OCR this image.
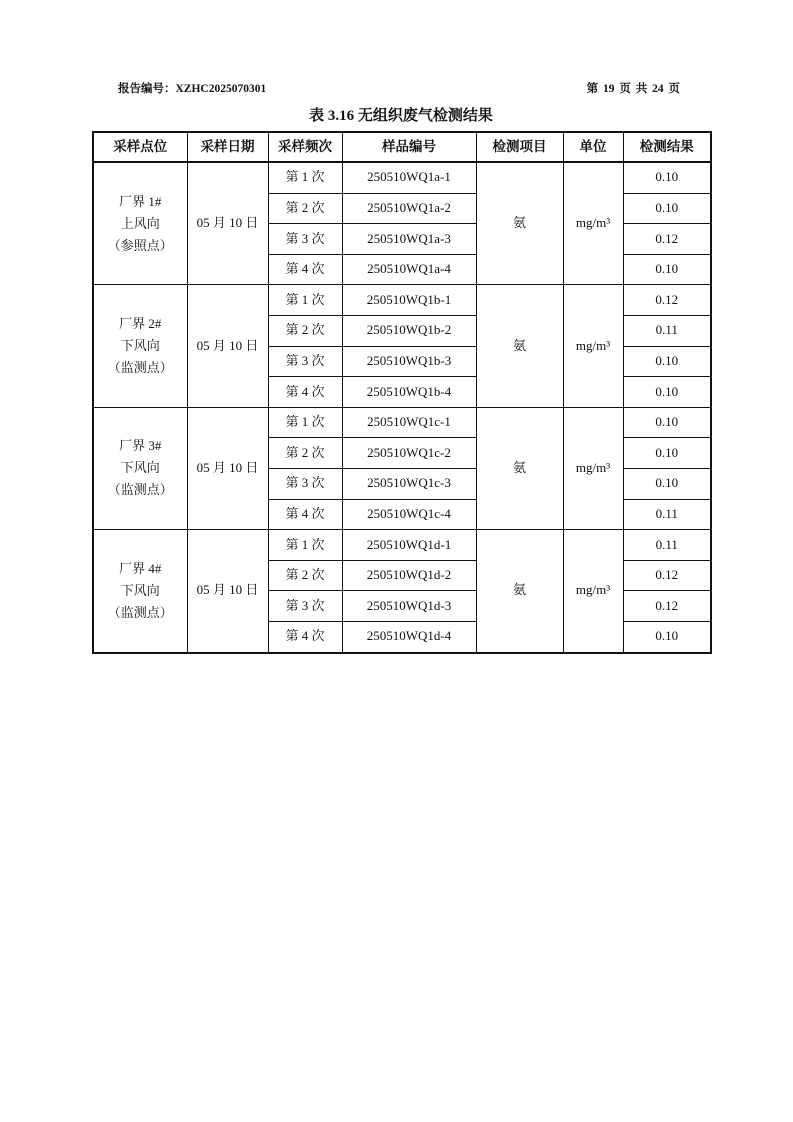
报告编号：XZHC2025070301	第 19 页 共 24 页
表 3.16 无组织废气检测结果
采样点位	采样日期	采样频次	样品编号	检测项目	单位	检测结果

厂界 1#
上风向
（参照点）	05 月 10 日	第 1 次	250510WQ1a-1	氨	mg/m³	0.10
		第 2 次	250510WQ1a-2			0.10
		第 3 次	250510WQ1a-3			0.12
		第 4 次	250510WQ1a-4			0.10

厂界 2#
下风向
（监测点）	05 月 10 日	第 1 次	250510WQ1b-1	氨	mg/m³	0.12
		第 2 次	250510WQ1b-2			0.11
		第 3 次	250510WQ1b-3			0.10
		第 4 次	250510WQ1b-4			0.10

厂界 3#
下风向
（监测点）	05 月 10 日	第 1 次	250510WQ1c-1	氨	mg/m³	0.10
		第 2 次	250510WQ1c-2			0.10
		第 3 次	250510WQ1c-3			0.10
		第 4 次	250510WQ1c-4			0.11

厂界 4#
下风向
（监测点）	05 月 10 日	第 1 次	250510WQ1d-1	氨	mg/m³	0.11
		第 2 次	250510WQ1d-2			0.12
		第 3 次	250510WQ1d-3			0.12
		第 4 次	250510WQ1d-4			0.10
